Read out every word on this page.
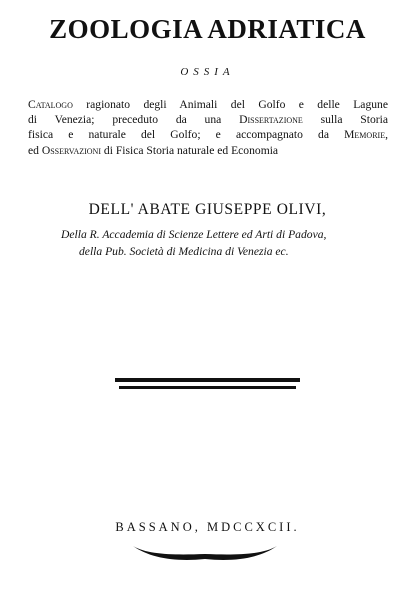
ZOOLOGIA ADRIATICA
OSSIA

Catalogo ragionato degli Animali del Golfo e delle Lagune

di Venezia; preceduto da una Dissertazione sulla Storia

fisica e naturale del Golfo; e accompagnato da Memorie,

ed Osservazioni di Fisica Storia naturale ed Economia

DELL' ABATE GIUSEPPE OLIVI,
Della R. Accademia di Scienze Lettere ed Arti di Padova,
della Pub. Società di Medicina di Venezia ec.
BASSANO, MDCCXCII.
